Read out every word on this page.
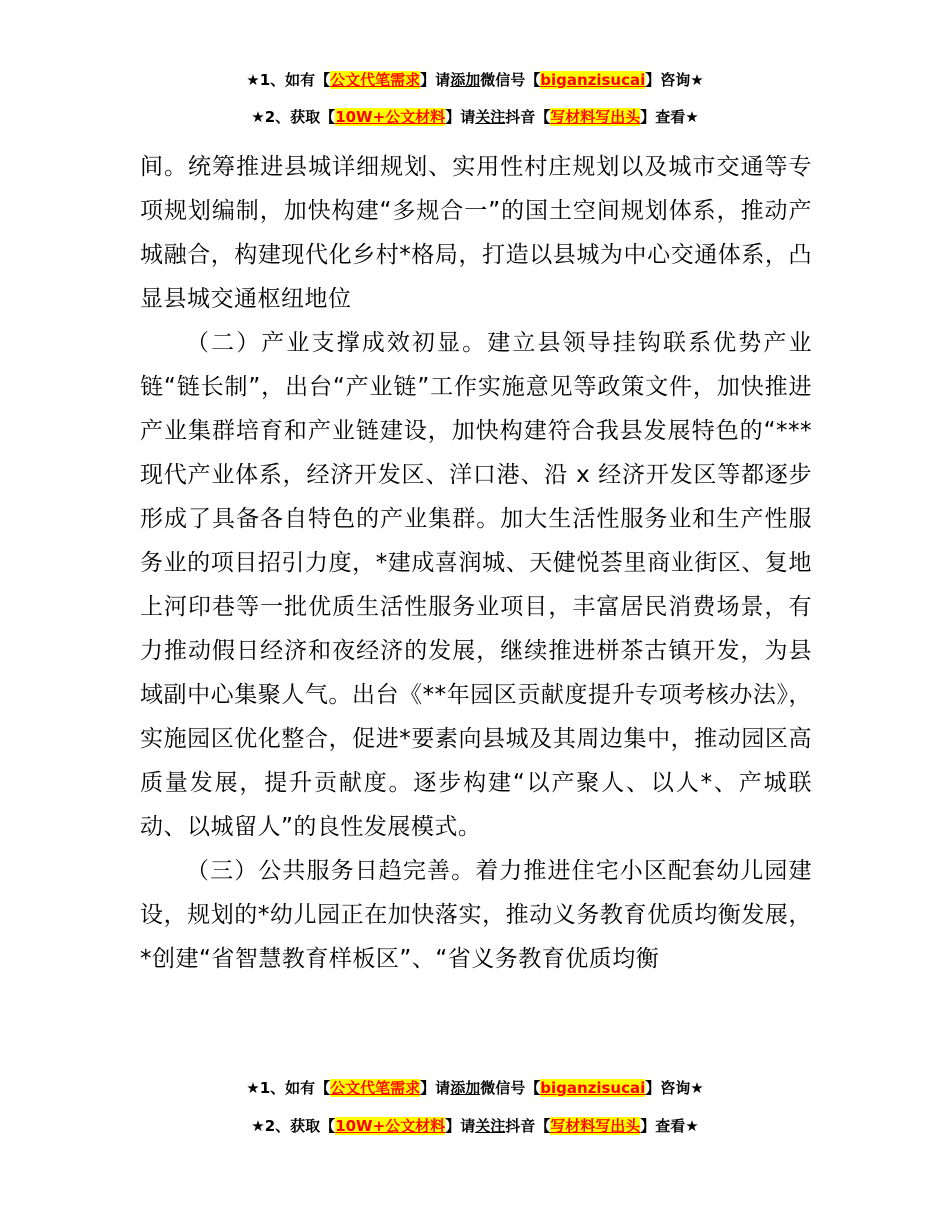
★1、如有【公文代笔需求】请添加微信号【biganzisucai】咨询★
★2、获取【10W+公文材料】请关注抖音【写材料写出头】查看★

间。统筹推进县城详细规划、实用性村庄规划以及城市交通等专项规划编制，加快构建“多规合一”的国土空间规划体系，推动产城融合，构建现代化乡村*格局，打造以县城为中心交通体系，凸显县城交通枢纽地位

（二）产业支撑成效初显。建立县领导挂钩联系优势产业链“链长制”，出台“产业链”工作实施意见等政策文件，加快推进产业集群培育和产业链建设，加快构建符合我县发展特色的“***现代产业体系，经济开发区、洋口港、沿 x 经济开发区等都逐步形成了具备各自特色的产业集群。加大生活性服务业和生产性服务业的项目招引力度，*建成喜润城、天健悦荟里商业街区、复地上河印巷等一批优质生活性服务业项目，丰富居民消费场景，有力推动假日经济和夜经济的发展，继续推进栟茶古镇开发，为县域副中心集聚人气。出台《**年园区贡献度提升专项考核办法》，实施园区优化整合，促进*要素向县城及其周边集中，推动园区高质量发展，提升贡献度。逐步构建“以产聚人、以人*、产城联动、以城留人”的良性发展模式。

（三）公共服务日趋完善。着力推进住宅小区配套幼儿园建设，规划的*幼儿园正在加快落实，推动义务教育优质均衡发展，*创建“省智慧教育样板区”、“省义务教育优质均衡

★1、如有【公文代笔需求】请添加微信号【biganzisucai】咨询★
★2、获取【10W+公文材料】请关注抖音【写材料写出头】查看★
